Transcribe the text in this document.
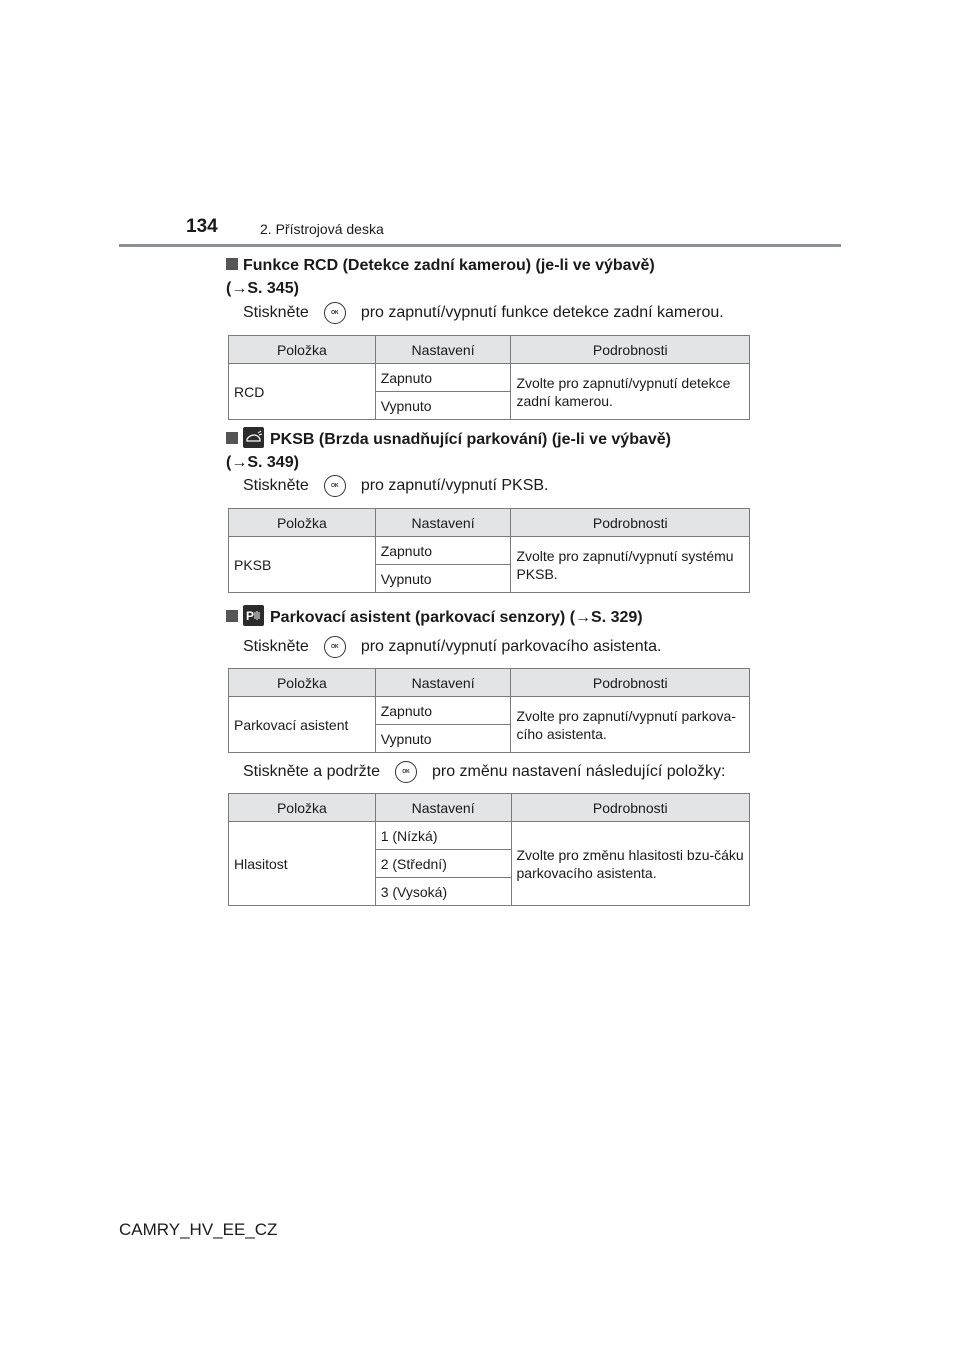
134	2. Přístrojová deska
Funkce RCD (Detekce zadní kamerou) (je-li ve výbavě)
(→S. 345)
Stiskněte	OK	pro zapnutí/vypnutí funkce detekce zadní kamerou.
Položka	Nastavení	Podrobnosti
RCD	Zapnuto	Zvolte pro zapnutí/vypnutí detekce zadní kamerou.
	Vypnuto	
PKSB (Brzda usnadňující parkování) (je-li ve výbavě)
(→S. 349)
Stiskněte	OK	pro zapnutí/vypnutí PKSB.
Položka	Nastavení	Podrobnosti
PKSB	Zapnuto	Zvolte pro zapnutí/vypnutí systému PKSB.
	Vypnuto	
P Parkovací asistent (parkovací senzory) (→S. 329)
Stiskněte	OK	pro zapnutí/vypnutí parkovacího asistenta.
Položka	Nastavení	Podrobnosti
Parkovací asistent	Zapnuto	Zvolte pro zapnutí/vypnutí parkova-cího asistenta.
	Vypnuto	
Stiskněte a podržte	OK	pro změnu nastavení následující položky:
Položka	Nastavení	Podrobnosti
Hlasitost	1 (Nízká)	Zvolte pro změnu hlasitosti bzu-čáku parkovacího asistenta.
	2 (Střední)	
	3 (Vysoká)	
CAMRY_HV_EE_CZ
